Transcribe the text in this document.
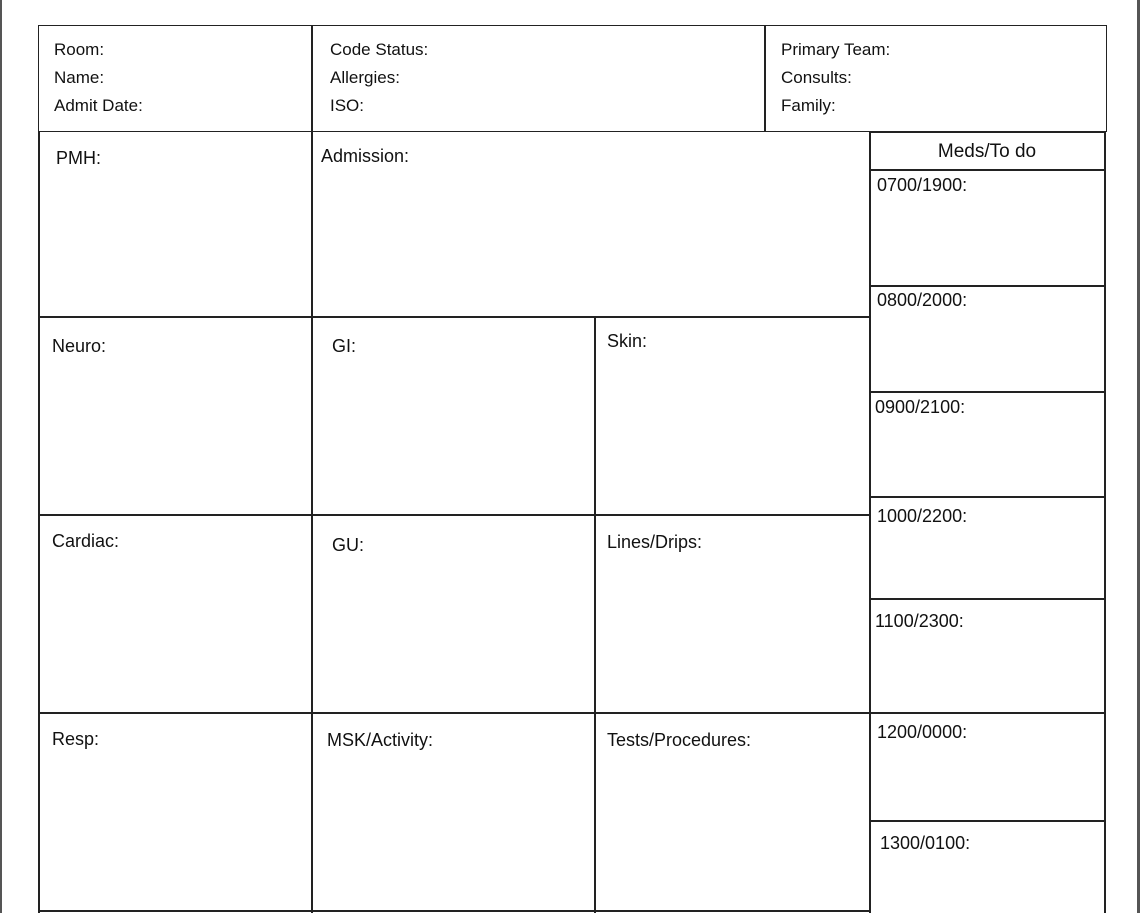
Room:
Name:
Admit Date:
Code Status:
Allergies:
ISO:
Primary Team:
Consults:
Family:
PMH:	Admission:
Neuro:	GI:	Skin:
Cardiac:	GU:	Lines/Drips:
Resp:	MSK/Activity:	Tests/Procedures:
Meds/To do
0700/1900:
0800/2000:
0900/2100:
1000/2200:
1100/2300:
1200/0000:
1300/0100:
